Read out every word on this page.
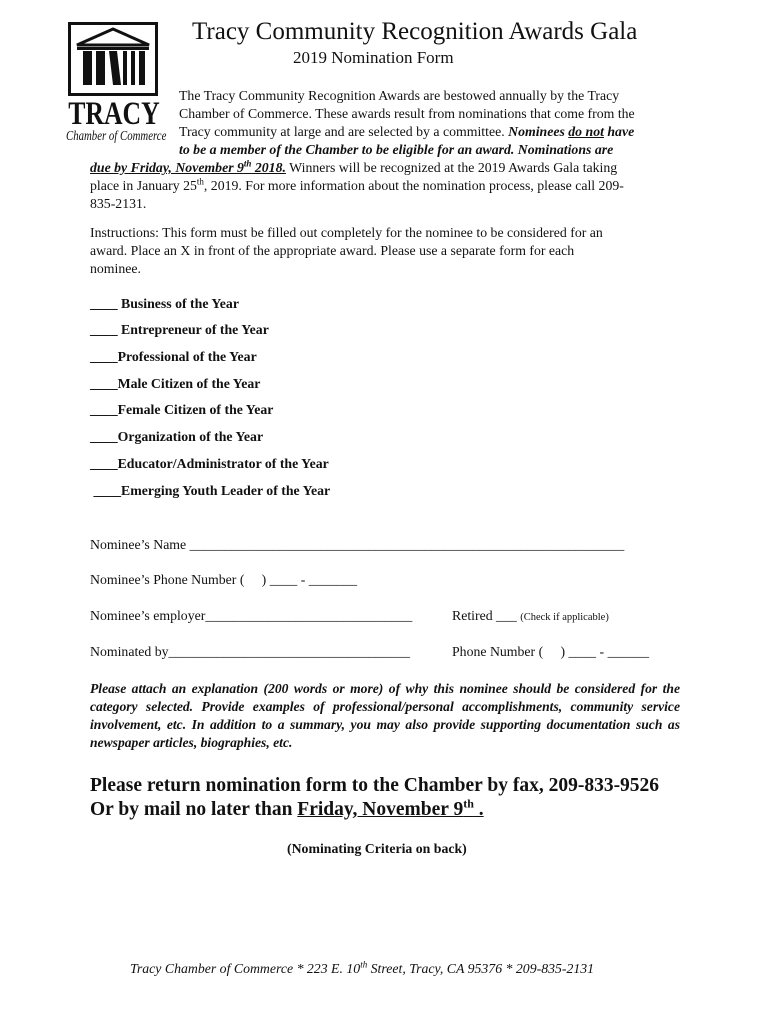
TRACY
Chamber of Commerce
Tracy Community Recognition Awards Gala
2019 Nomination Form
The Tracy Community Recognition Awards are bestowed annually by the Tracy
Chamber of Commerce. These awards result from nominations that come from the
Tracy community at large and are selected by a committee. Nominees do not have
to be a member of the Chamber to be eligible for an award. Nominations are
due by Friday, November 9th 2018. Winners will be recognized at the 2019 Awards Gala taking
place in January 25th, 2019. For more information about the nomination process, please call 209-
835-2131.
Instructions: This form must be filled out completely for the nominee to be considered for an
award. Place an X in front of the appropriate award. Please use a separate form for each
nominee.
____ Business of the Year
____ Entrepreneur of the Year
____Professional of the Year
____Male Citizen of the Year
____Female Citizen of the Year
____Organization of the Year
____Educator/Administrator of the Year
____Emerging Youth Leader of the Year
Nominee’s Name _______________________________________________________________
Nominee’s Phone Number (     ) ____ - _______
Nominee’s employer______________________________	Retired ___ (Check if applicable)
Nominated by___________________________________	Phone Number (     ) ____ - ______
Please attach an explanation (200 words or more) of why this nominee should be considered for the category selected. Provide examples of professional/personal accomplishments, community service involvement, etc. In addition to a summary, you may also provide supporting documentation such as newspaper articles, biographies, etc.
Please return nomination form to the Chamber by fax, 209-833-9526
Or by mail no later than Friday, November 9th .
(Nominating Criteria on back)
Tracy Chamber of Commerce * 223 E. 10th Street, Tracy, CA 95376 * 209-835-2131
